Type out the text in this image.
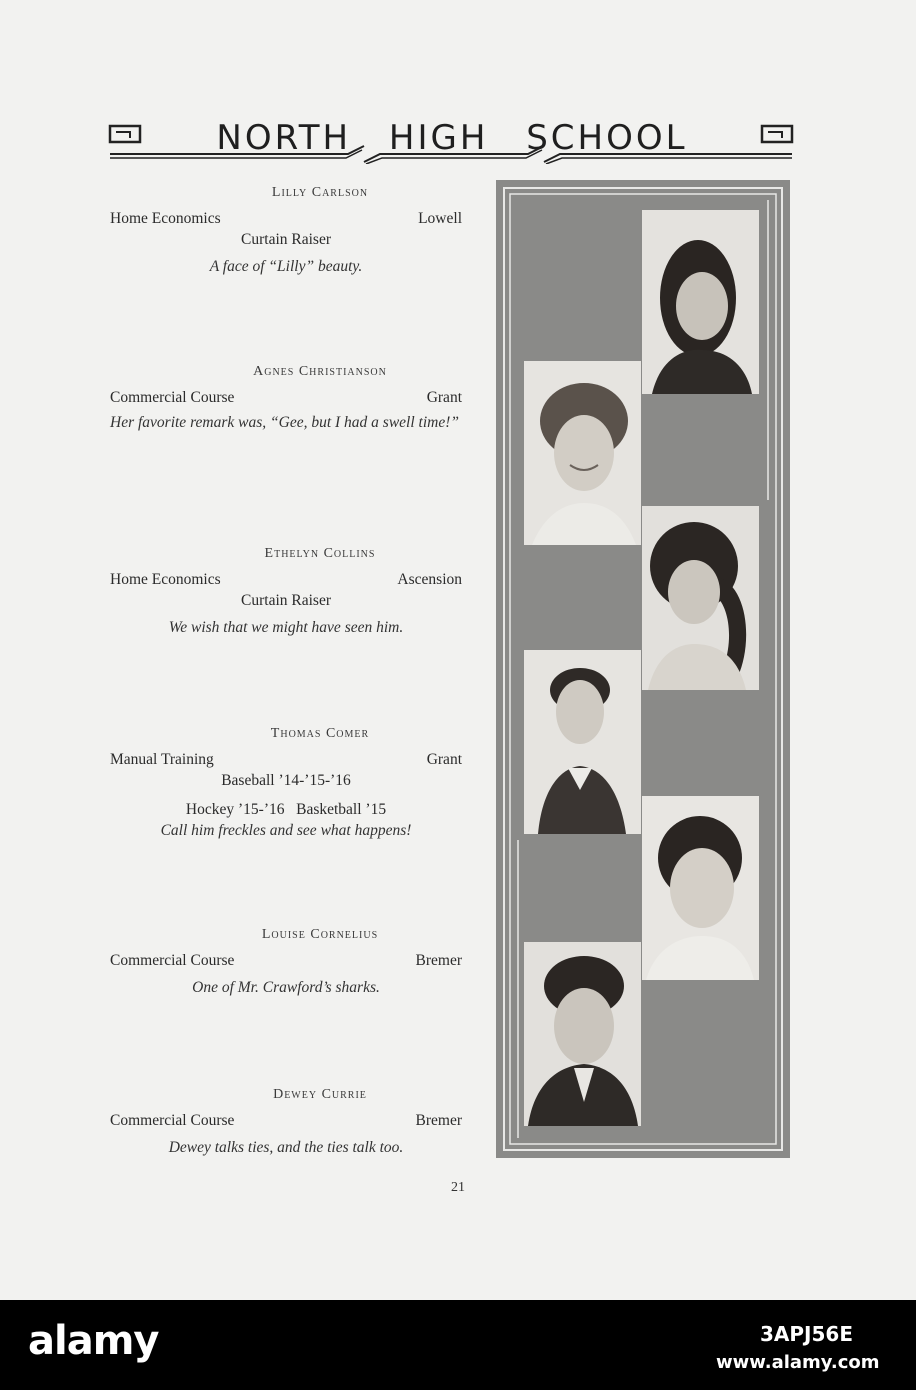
NORTH HIGH SCHOOL
Lilly Carlson
Home Economics	Lowell
Curtain Raiser
A face of “Lilly” beauty.
Agnes Christianson
Commercial Course	Grant
Her favorite remark was, “Gee, but I had a swell time!”
Ethelyn Collins
Home Economics	Ascension
Curtain Raiser
We wish that we might have seen him.
Thomas Comer
Manual Training	Grant
Baseball ’14-’15-’16
Hockey ’15-’16   Basketball ’15
Call him freckles and see what happens!
Louise Cornelius
Commercial Course	Bremer
One of Mr. Crawford’s sharks.
Dewey Currie
Commercial Course	Bremer
Dewey talks ties, and the ties talk too.
21
alamy	3APJ56E
www.alamy.com
